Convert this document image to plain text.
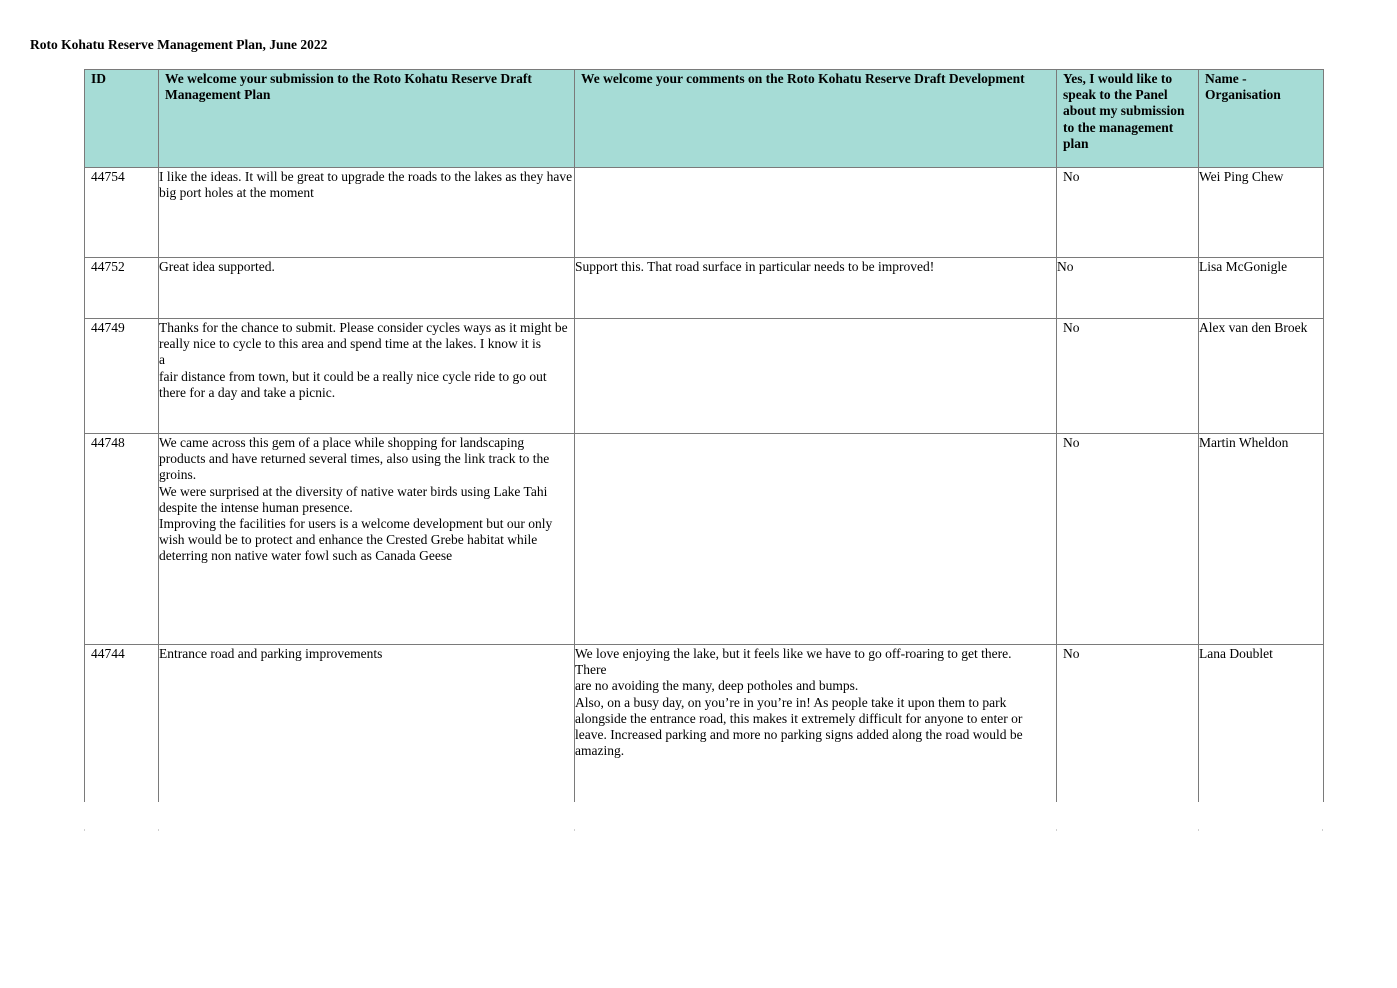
Roto Kohatu Reserve Management Plan, June 2022
ID	We welcome your submission to the Roto Kohatu Reserve Draft Management Plan	We welcome your comments on the Roto Kohatu Reserve Draft Development	Yes, I would like to speak to the Panel about my submission to the management plan	Name - Organisation
44754	I like the ideas. It will be great to upgrade the roads to the lakes as they have big port holes at the moment		No	Wei Ping Chew
44752	Great idea supported.	Support this. That road surface in particular needs to be improved!	No	Lisa McGonigle
44749	Thanks for the chance to submit. Please consider cycles ways as it might be really nice to cycle to this area and spend time at the lakes. I know it is
a
fair distance from town, but it could be a really nice cycle ride to go out there for a day and take a picnic.		No	Alex van den Broek
44748	We came across this gem of a place while shopping for landscaping products and have returned several times, also using the link track to the groins.
We were surprised at the diversity of native water birds using Lake Tahi despite the intense human presence.
Improving the facilities for users is a welcome development but our only wish would be to protect and enhance the Crested Grebe habitat while deterring non native water fowl such as Canada Geese		No	Martin Wheldon
44744	Entrance road and parking improvements	We love enjoying the lake, but it feels like we have to go off-roaring to get there.
There
are no avoiding the many, deep potholes and bumps.
Also, on a busy day, on you’re in you’re in! As people take it upon them to park alongside the entrance road, this makes it extremely difficult for anyone to enter or leave. Increased parking and more no parking signs added along the road would be amazing.	No	Lana Doublet
